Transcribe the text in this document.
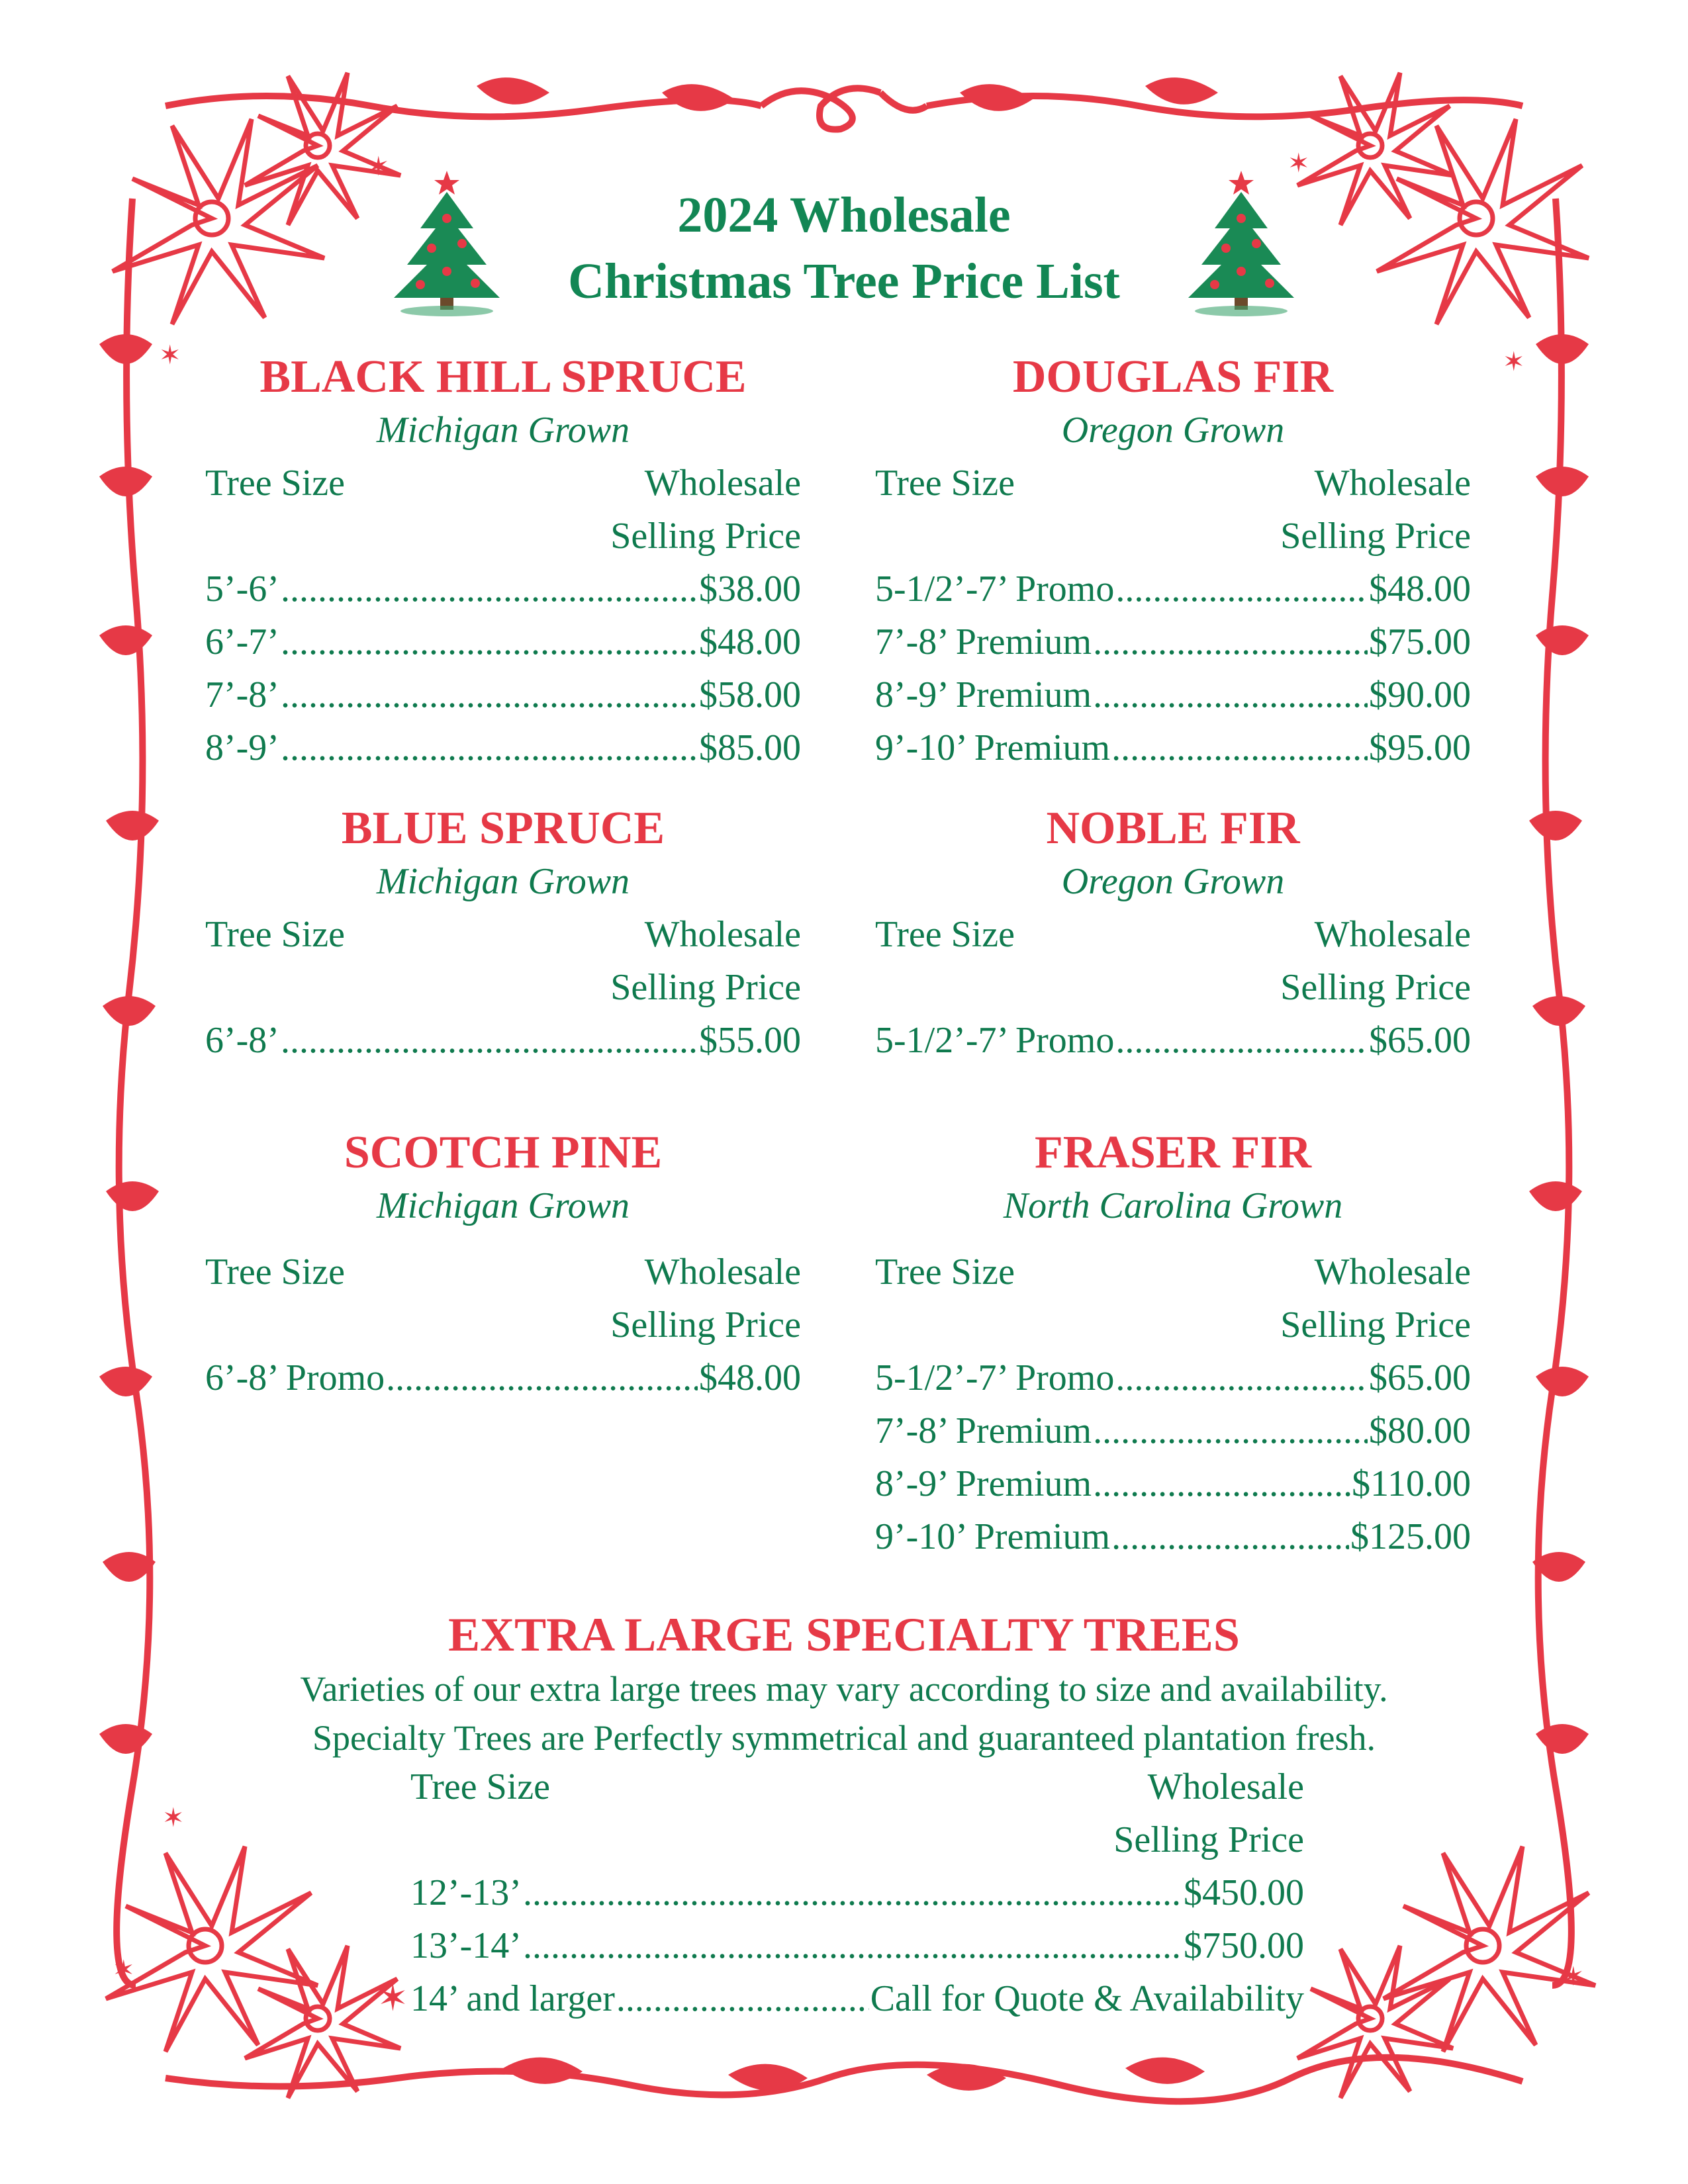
✶	✶
✶	✶
✶
✶
✶
2024 Wholesale
Christmas Tree Price List
BLACK HILL SPRUCE
Michigan Grown
Tree Size	Wholesale
Selling Price
5’-6’ .....	$38.00
6’-7’ .....	$48.00
7’-8’ .....	$58.00
8’-9’ .....	$85.00
DOUGLAS FIR
Oregon Grown
Tree Size	Wholesale
Selling Price
5-1/2’-7’ Promo .....	$48.00
7’-8’ Premium .....	$75.00
8’-9’ Premium .....	$90.00
9’-10’ Premium .....	$95.00
BLUE SPRUCE
Michigan Grown
Tree Size	Wholesale
Selling Price
6’-8’ .....	$55.00
NOBLE FIR
Oregon Grown
Tree Size	Wholesale
Selling Price
5-1/2’-7’ Promo .....	$65.00
SCOTCH PINE
Michigan Grown
Tree Size	Wholesale
Selling Price
6’-8’ Promo .....	$48.00
FRASER FIR
North Carolina Grown
Tree Size	Wholesale
Selling Price
5-1/2’-7’ Promo .....	$65.00
7’-8’ Premium .....	$80.00
8’-9’ Premium .....	$110.00
9’-10’ Premium .....	$125.00
EXTRA LARGE SPECIALTY TREES
Varieties of our extra large trees may vary according to size and availability.
Specialty Trees are Perfectly symmetrical and guaranteed plantation fresh.
Tree Size	Wholesale
Selling Price
12’-13’ .....	$450.00
13’-14’ .....	$750.00
✶ 14’ and larger .....	Call for Quote & Availability
